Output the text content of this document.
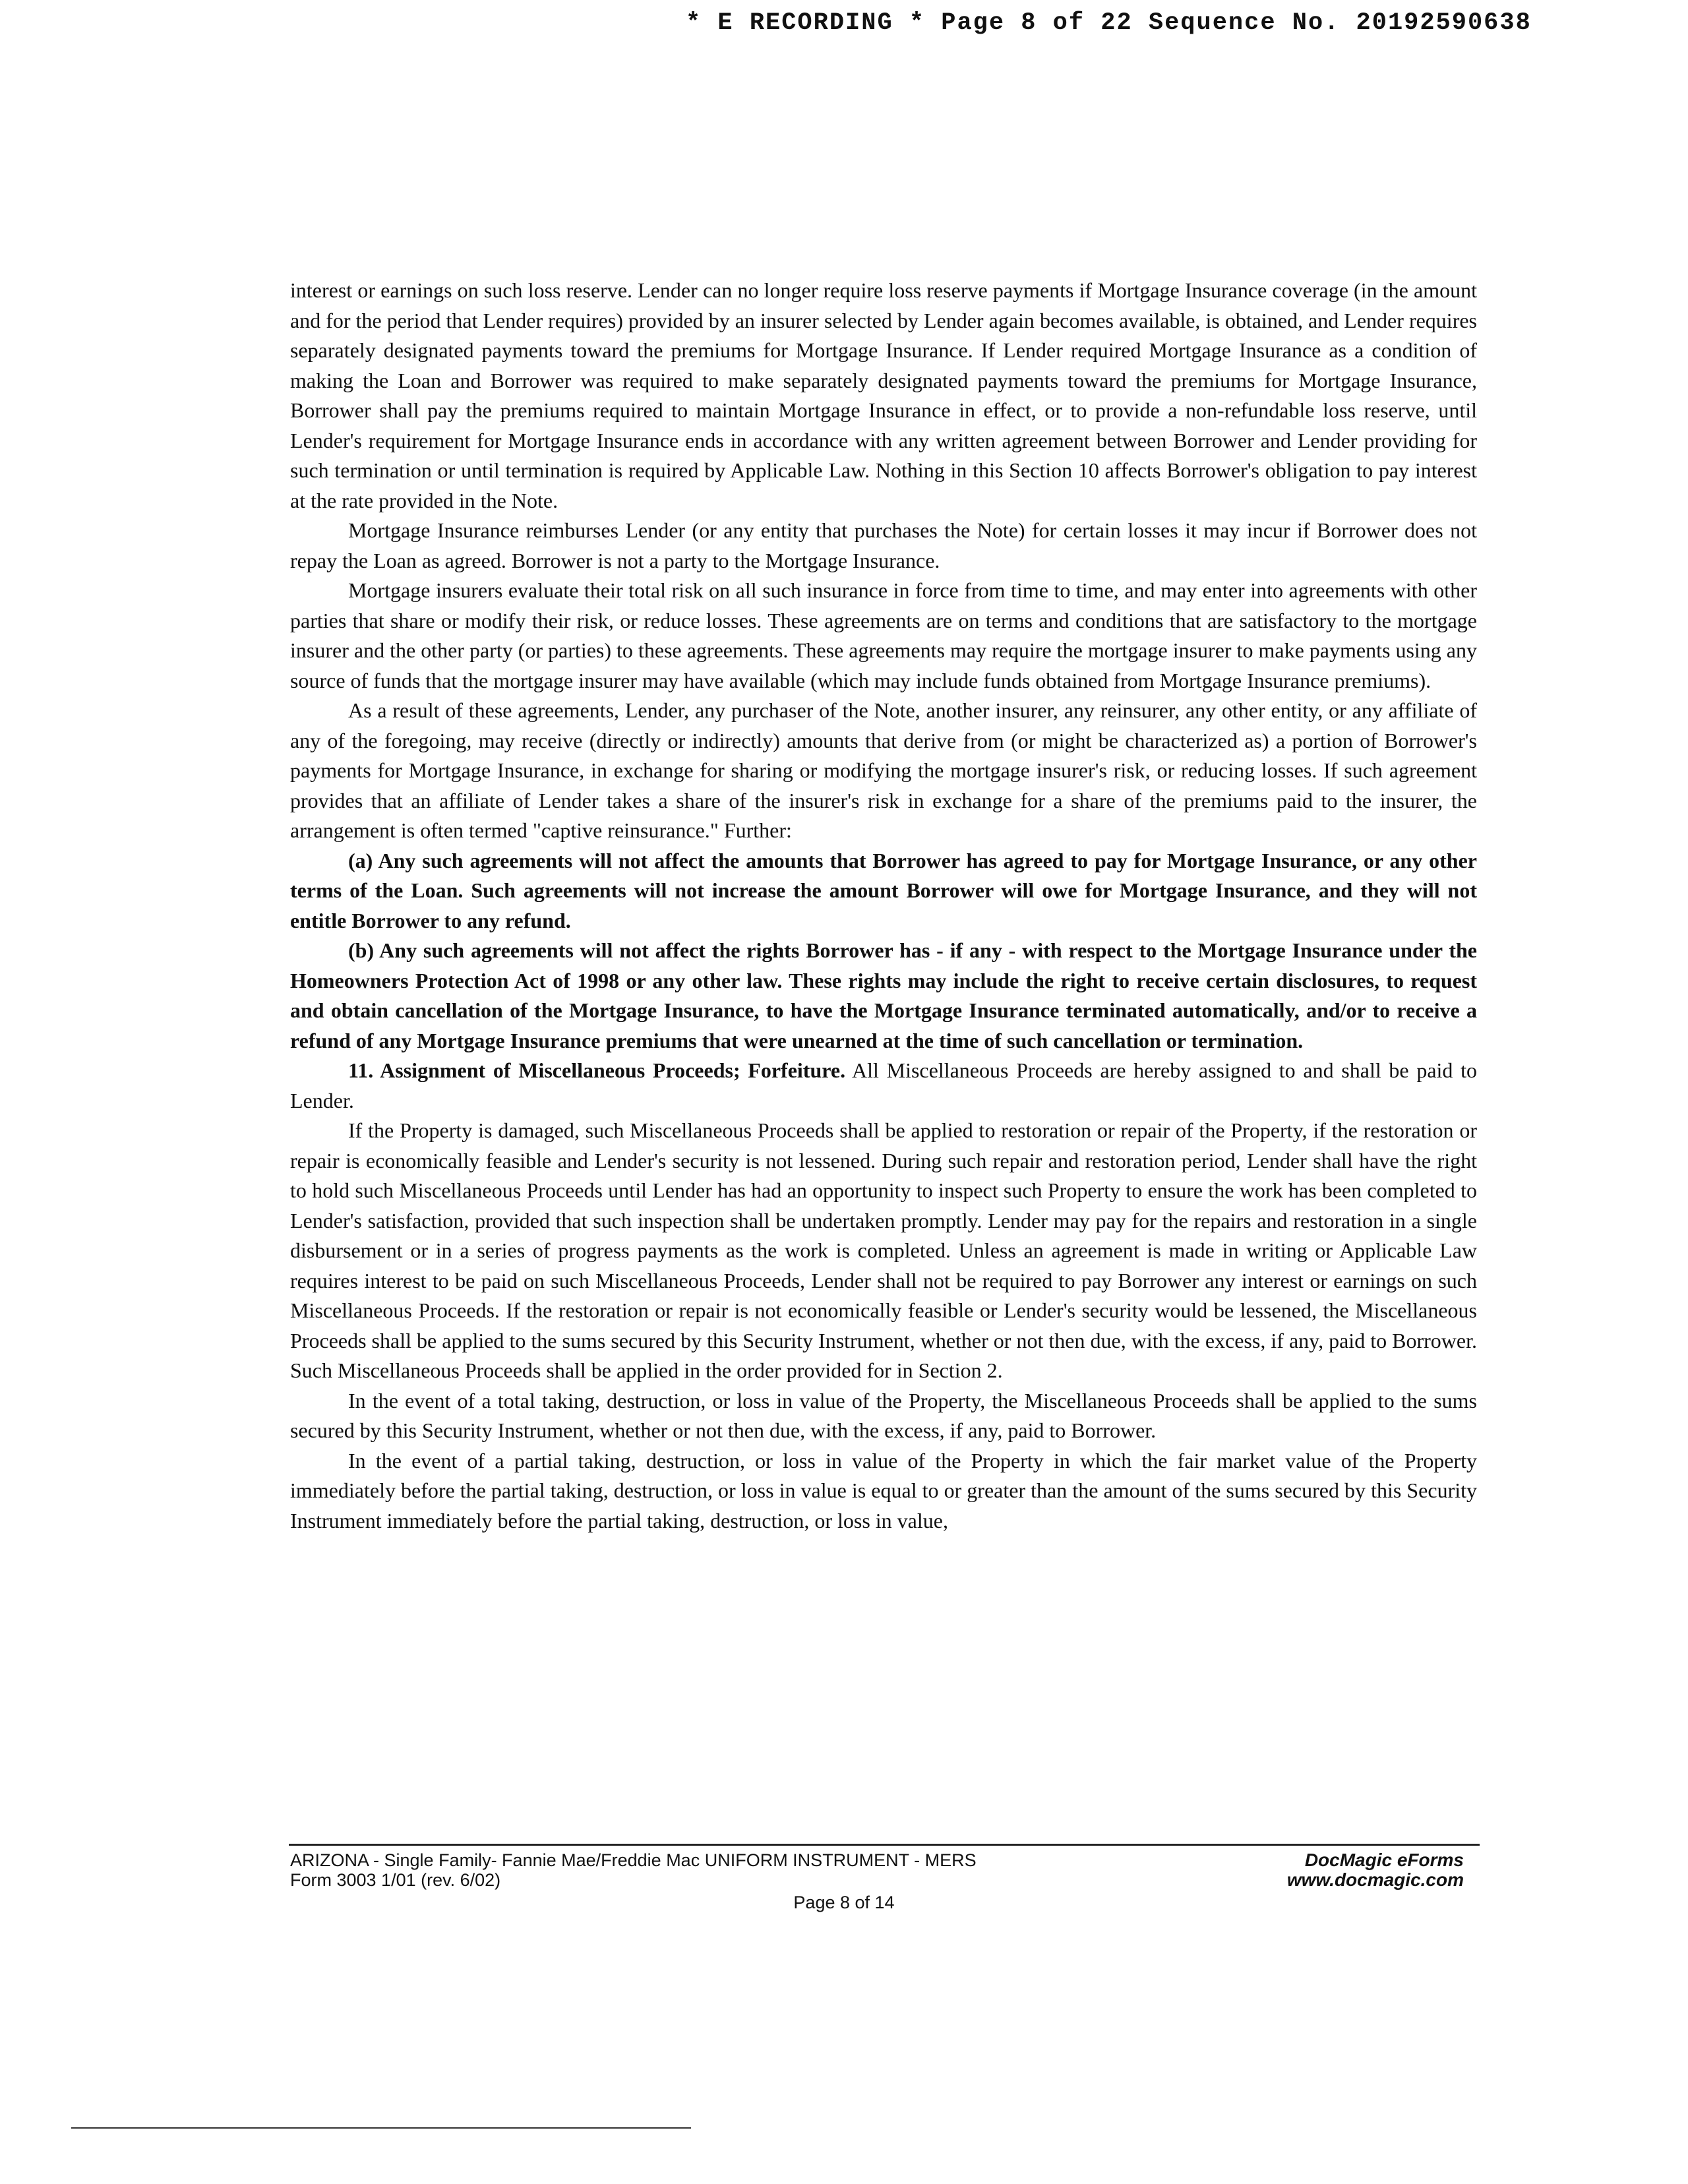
* E RECORDING * Page 8 of 22 Sequence No. 20192590638

interest or earnings on such loss reserve. Lender can no longer require loss reserve payments if Mortgage Insurance coverage (in the amount and for the period that Lender requires) provided by an insurer selected by Lender again becomes available, is obtained, and Lender requires separately designated payments toward the premiums for Mortgage Insurance. If Lender required Mortgage Insurance as a condition of making the Loan and Borrower was required to make separately designated payments toward the premiums for Mortgage Insurance, Borrower shall pay the premiums required to maintain Mortgage Insurance in effect, or to provide a non-refundable loss reserve, until Lender's requirement for Mortgage Insurance ends in accordance with any written agreement between Borrower and Lender providing for such termination or until termination is required by Applicable Law. Nothing in this Section 10 affects Borrower's obligation to pay interest at the rate provided in the Note.

Mortgage Insurance reimburses Lender (or any entity that purchases the Note) for certain losses it may incur if Borrower does not repay the Loan as agreed. Borrower is not a party to the Mortgage Insurance.

Mortgage insurers evaluate their total risk on all such insurance in force from time to time, and may enter into agreements with other parties that share or modify their risk, or reduce losses. These agreements are on terms and conditions that are satisfactory to the mortgage insurer and the other party (or parties) to these agreements. These agreements may require the mortgage insurer to make payments using any source of funds that the mortgage insurer may have available (which may include funds obtained from Mortgage Insurance premiums).

As a result of these agreements, Lender, any purchaser of the Note, another insurer, any reinsurer, any other entity, or any affiliate of any of the foregoing, may receive (directly or indirectly) amounts that derive from (or might be characterized as) a portion of Borrower's payments for Mortgage Insurance, in exchange for sharing or modifying the mortgage insurer's risk, or reducing losses. If such agreement provides that an affiliate of Lender takes a share of the insurer's risk in exchange for a share of the premiums paid to the insurer, the arrangement is often termed "captive reinsurance." Further:

(a) Any such agreements will not affect the amounts that Borrower has agreed to pay for Mortgage Insurance, or any other terms of the Loan. Such agreements will not increase the amount Borrower will owe for Mortgage Insurance, and they will not entitle Borrower to any refund.

(b) Any such agreements will not affect the rights Borrower has - if any - with respect to the Mortgage Insurance under the Homeowners Protection Act of 1998 or any other law. These rights may include the right to receive certain disclosures, to request and obtain cancellation of the Mortgage Insurance, to have the Mortgage Insurance terminated automatically, and/or to receive a refund of any Mortgage Insurance premiums that were unearned at the time of such cancellation or termination.

11. Assignment of Miscellaneous Proceeds; Forfeiture. All Miscellaneous Proceeds are hereby assigned to and shall be paid to Lender.

If the Property is damaged, such Miscellaneous Proceeds shall be applied to restoration or repair of the Property, if the restoration or repair is economically feasible and Lender's security is not lessened. During such repair and restoration period, Lender shall have the right to hold such Miscellaneous Proceeds until Lender has had an opportunity to inspect such Property to ensure the work has been completed to Lender's satisfaction, provided that such inspection shall be undertaken promptly. Lender may pay for the repairs and restoration in a single disbursement or in a series of progress payments as the work is completed. Unless an agreement is made in writing or Applicable Law requires interest to be paid on such Miscellaneous Proceeds, Lender shall not be required to pay Borrower any interest or earnings on such Miscellaneous Proceeds. If the restoration or repair is not economically feasible or Lender's security would be lessened, the Miscellaneous Proceeds shall be applied to the sums secured by this Security Instrument, whether or not then due, with the excess, if any, paid to Borrower. Such Miscellaneous Proceeds shall be applied in the order provided for in Section 2.

In the event of a total taking, destruction, or loss in value of the Property, the Miscellaneous Proceeds shall be applied to the sums secured by this Security Instrument, whether or not then due, with the excess, if any, paid to Borrower.

In the event of a partial taking, destruction, or loss in value of the Property in which the fair market value of the Property immediately before the partial taking, destruction, or loss in value is equal to or greater than the amount of the sums secured by this Security Instrument immediately before the partial taking, destruction, or loss in value,

ARIZONA - Single Family- Fannie Mae/Freddie Mac UNIFORM INSTRUMENT - MERS
Form 3003 1/01 (rev. 6/02)
DocMagic eForms
www.docmagic.com
Page 8 of 14
